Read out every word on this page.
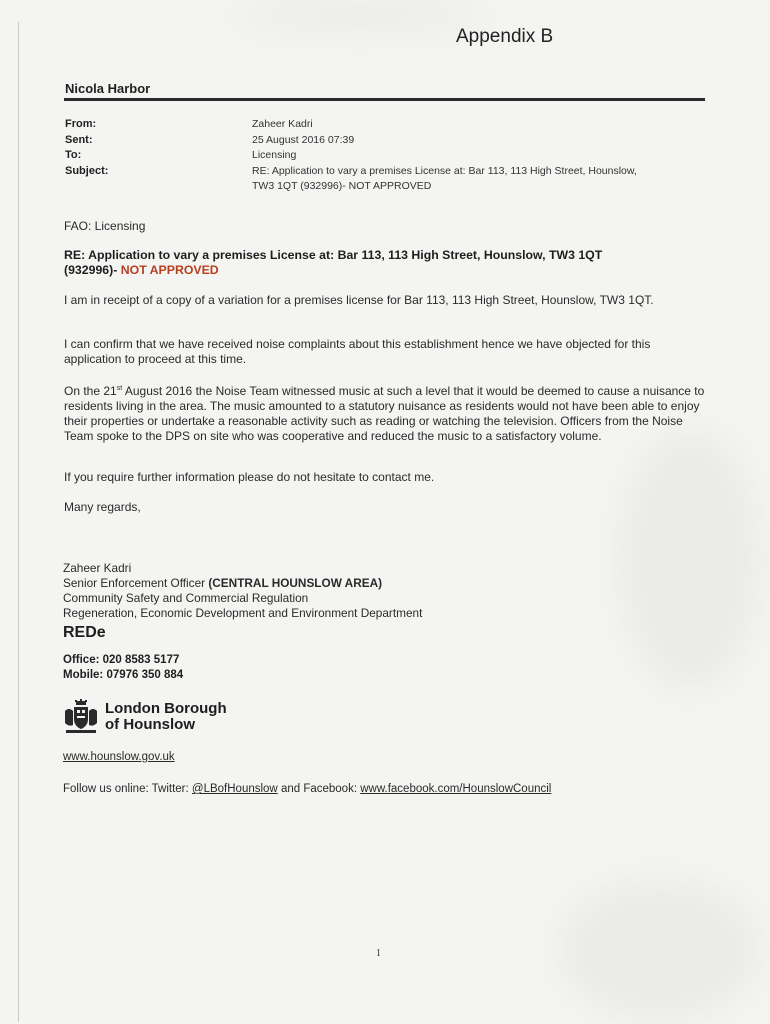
Appendix B
Nicola Harbor
From:
Sent:
To:
Subject:
Zaheer Kadri
25 August 2016 07:39
Licensing
RE: Application to vary a premises License at: Bar 113, 113 High Street, Hounslow,
TW3 1QT (932996)- NOT APPROVED
FAO: Licensing
RE: Application to vary a premises License at: Bar 113, 113 High Street, Hounslow, TW3 1QT
(932996)- NOT APPROVED
I am in receipt of a copy of a variation for a premises license for Bar 113, 113 High Street, Hounslow, TW3 1QT.
I can confirm that we have received noise complaints about this establishment hence we have objected for this application to proceed at this time.
On the 21st August 2016 the Noise Team witnessed music at such a level that it would be deemed to cause a nuisance to residents living in the area. The music amounted to a statutory nuisance as residents would not have been able to enjoy their properties or undertake a reasonable activity such as reading or watching the television. Officers from the Noise Team spoke to the DPS on site who was cooperative and reduced the music to a satisfactory volume.
If you require further information please do not hesitate to contact me.
Many regards,
Zaheer Kadri
Senior Enforcement Officer (CENTRAL HOUNSLOW AREA)
Community Safety and Commercial Regulation
Regeneration, Economic Development and Environment Department
REDe
Office: 020 8583 5177
Mobile: 07976 350 884
London Borough
of Hounslow
www.hounslow.gov.uk
Follow us online: Twitter: @LBofHounslow and Facebook: www.facebook.com/HounslowCouncil
1
